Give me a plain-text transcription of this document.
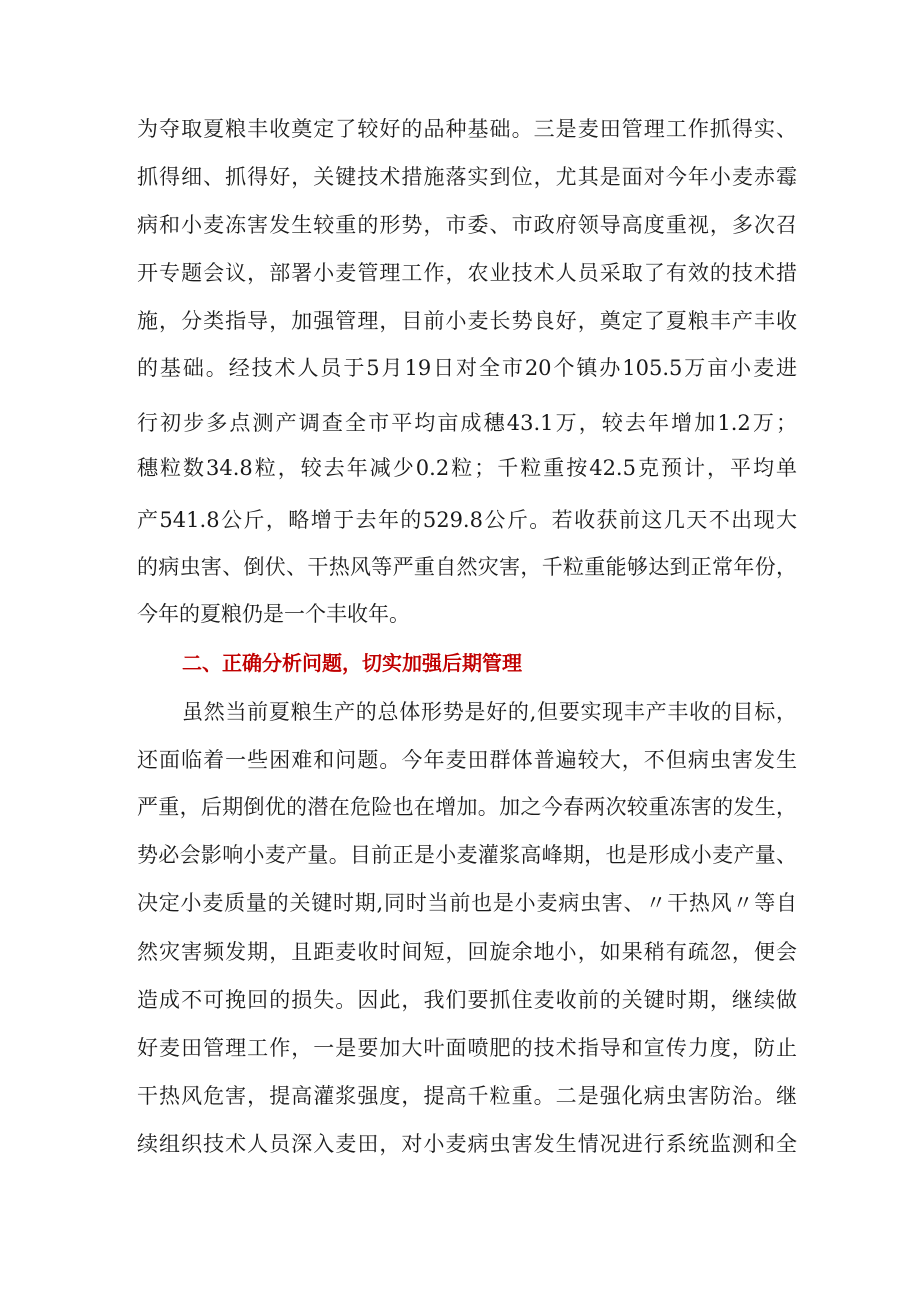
为夺取夏粮丰收奠定了较好的品种基础。三是麦田管理工作抓得实、
抓得细、抓得好，关键技术措施落实到位，尤其是面对今年小麦赤霉
病和小麦冻害发生较重的形势，市委、市政府领导高度重视，多次召
开专题会议，部署小麦管理工作，农业技术人员采取了有效的技术措
施，分类指导，加强管理，目前小麦长势良好，奠定了夏粮丰产丰收
的基础。经技术人员于5月19日对全市20个镇办105.5万亩小麦进
行初步多点测产调查全市平均亩成穗43.1万，较去年增加1.2万；
穗粒数34.8粒，较去年减少0.2粒；千粒重按42.5克预计，平均单
产541.8公斤，略增于去年的529.8公斤。若收获前这几天不出现大
的病虫害、倒伏、干热风等严重自然灾害，千粒重能够达到正常年份，
今年的夏粮仍是一个丰收年。
二、正确分析问题，切实加强后期管理
虽然当前夏粮生产的总体形势是好的,但要实现丰产丰收的目标，
还面临着一些困难和问题。今年麦田群体普遍较大，不但病虫害发生
严重，后期倒优的潜在危险也在增加。加之今春两次较重冻害的发生，
势必会影响小麦产量。目前正是小麦灌浆高峰期，也是形成小麦产量、
决定小麦质量的关键时期,同时当前也是小麦病虫害、〃干热风〃等自
然灾害频发期，且距麦收时间短，回旋余地小，如果稍有疏忽，便会
造成不可挽回的损失。因此，我们要抓住麦收前的关键时期，继续做
好麦田管理工作，一是要加大叶面喷肥的技术指导和宣传力度，防止
干热风危害，提高灌浆强度，提高千粒重。二是强化病虫害防治。继
续组织技术人员深入麦田，对小麦病虫害发生情况进行系统监测和全
